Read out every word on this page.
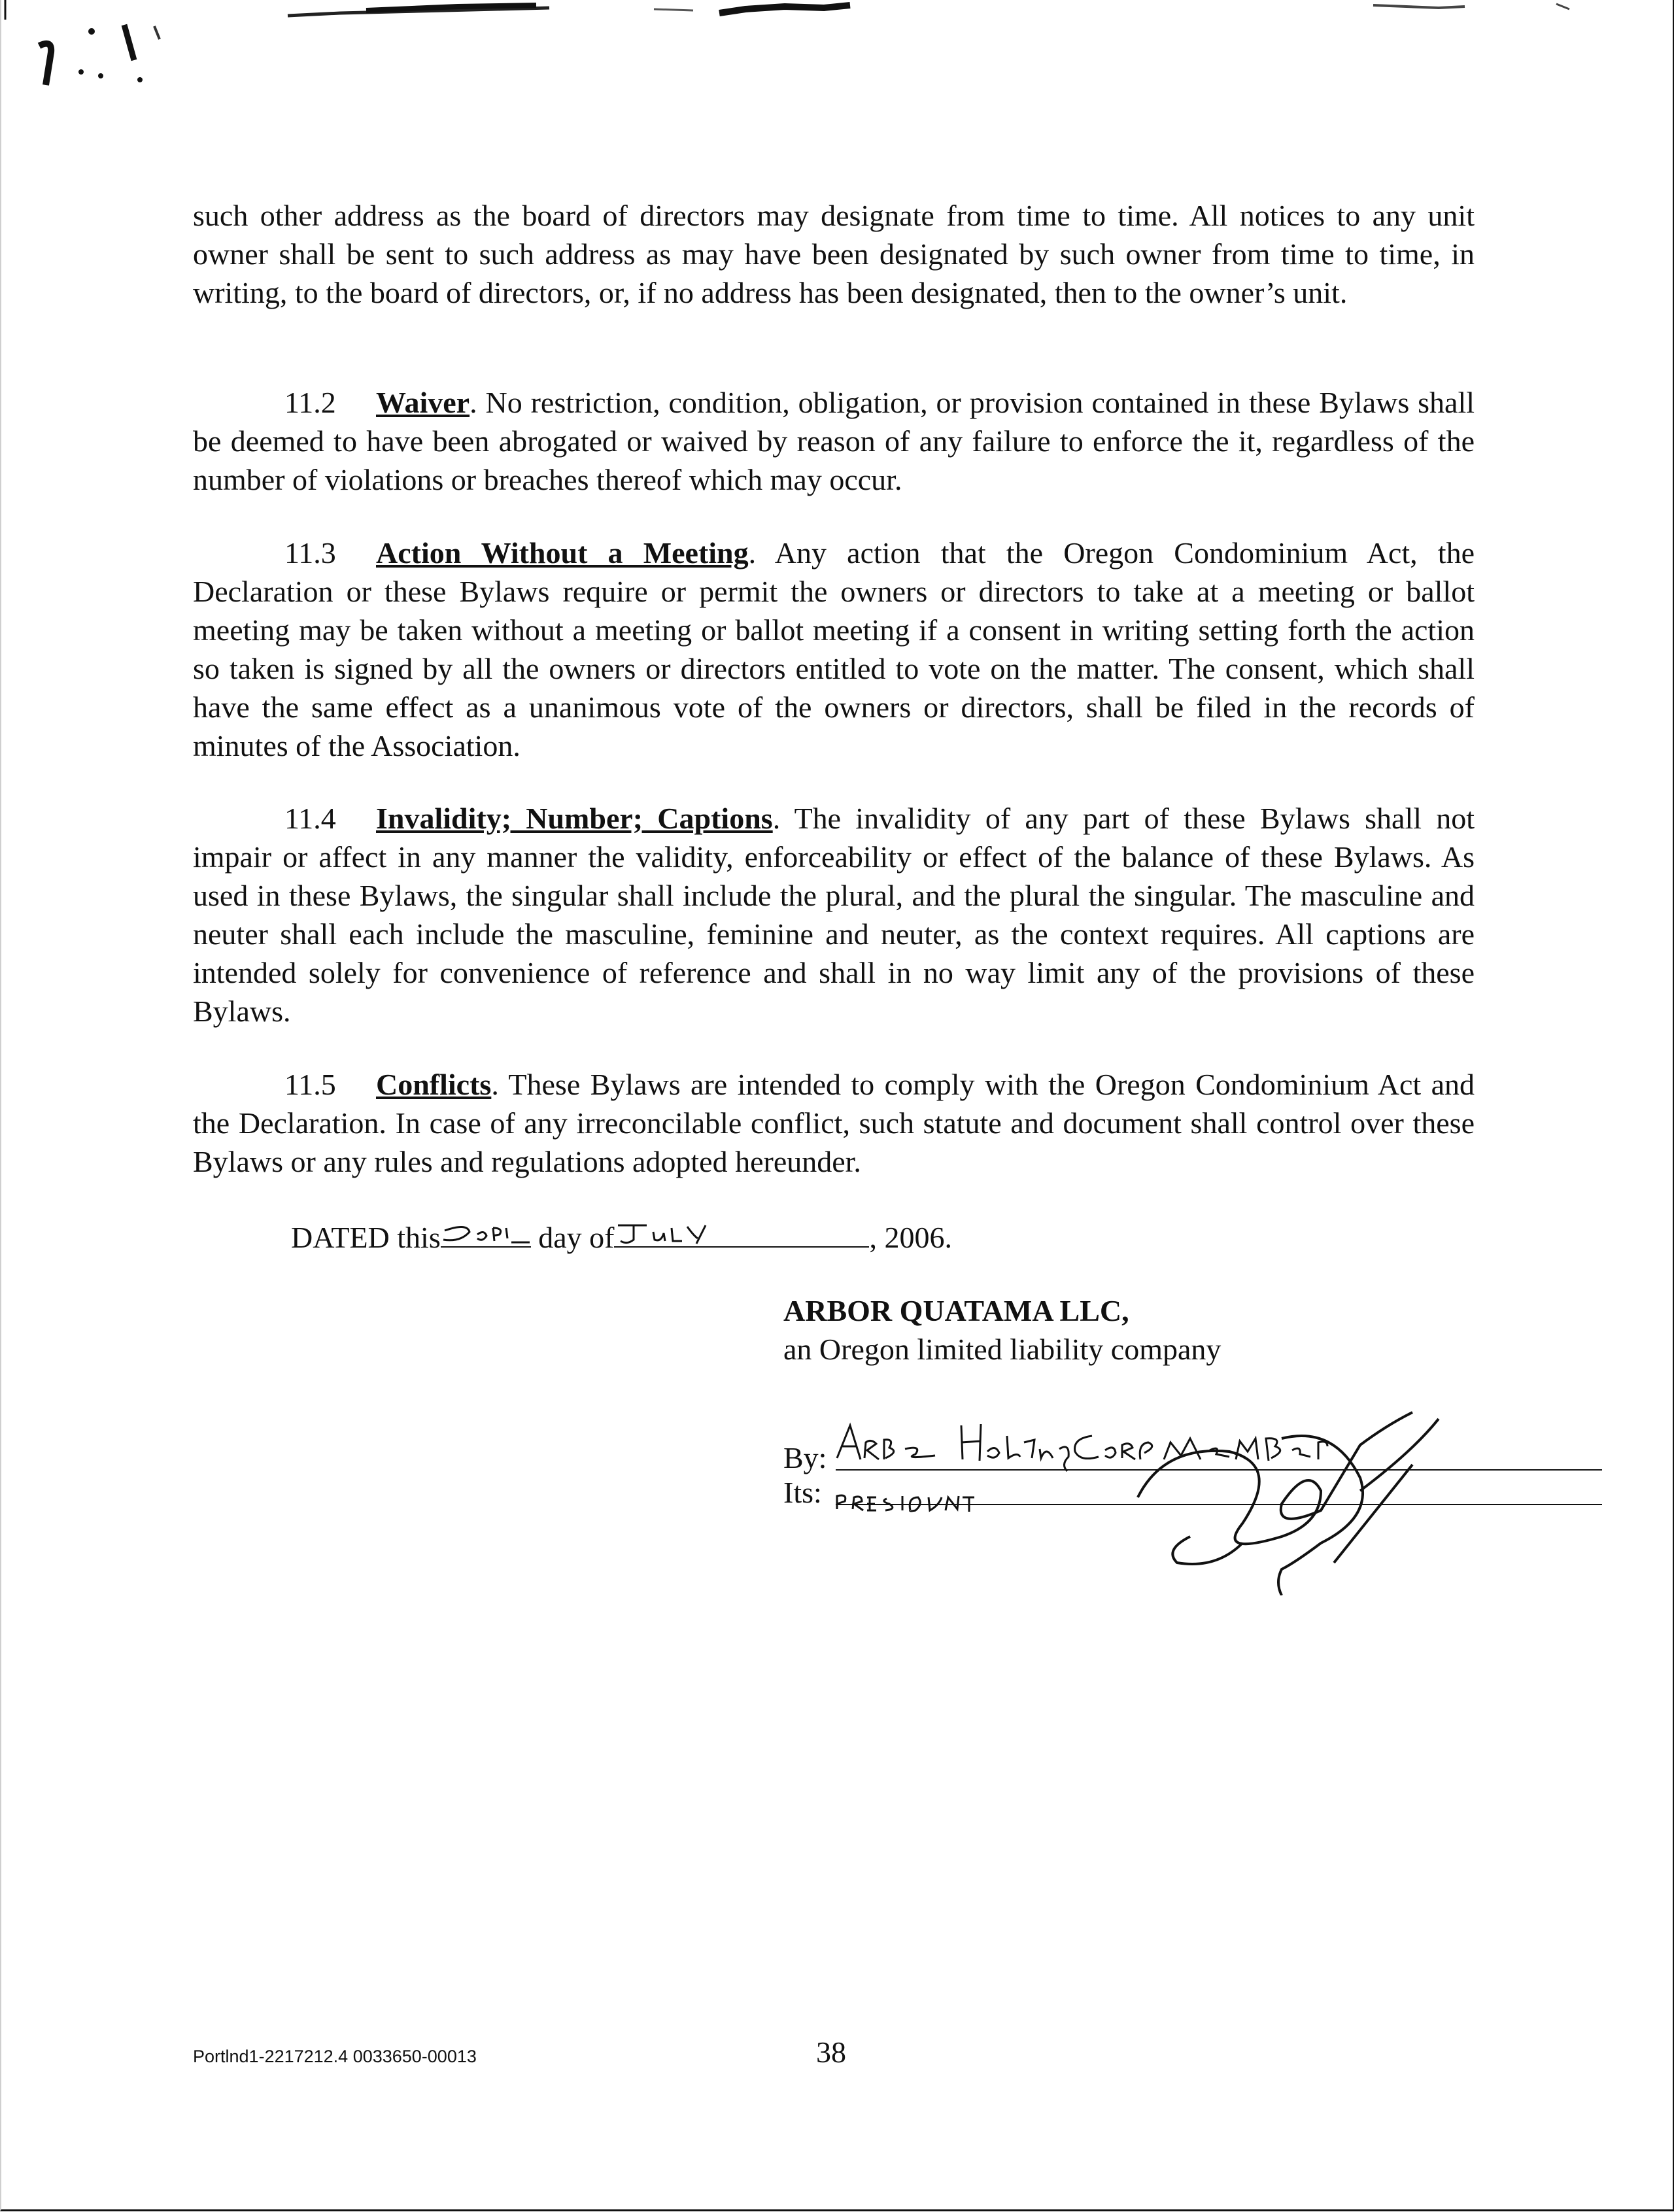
such other address as the board of directors may designate from time to time. All notices to any unit owner shall be sent to such address as may have been designated by such owner from time to time, in writing, to the board of directors, or, if no address has been designated, then to the owner’s unit.

11.2 Waiver. No restriction, condition, obligation, or provision contained in these Bylaws shall be deemed to have been abrogated or waived by reason of any failure to enforce the it, regardless of the number of violations or breaches thereof which may occur.

11.3 Action Without a Meeting. Any action that the Oregon Condominium Act, the Declaration or these Bylaws require or permit the owners or directors to take at a meeting or ballot meeting may be taken without a meeting or ballot meeting if a consent in writing setting forth the action so taken is signed by all the owners or directors entitled to vote on the matter. The consent, which shall have the same effect as a unanimous vote of the owners or directors, shall be filed in the records of minutes of the Association.

11.4 Invalidity; Number; Captions. The invalidity of any part of these Bylaws shall not impair or affect in any manner the validity, enforceability or effect of the balance of these Bylaws. As used in these Bylaws, the singular shall include the plural, and the plural the singular. The masculine and neuter shall each include the masculine, feminine and neuter, as the context requires. All captions are intended solely for convenience of reference and shall in no way limit any of the provisions of these Bylaws.

11.5 Conflicts. These Bylaws are intended to comply with the Oregon Condominium Act and the Declaration. In case of any irreconcilable conflict, such statute and document shall control over these Bylaws or any rules and regulations adopted hereunder.

DATED this	day of	, 2006.
ARBOR QUATAMA LLC,
an Oregon limited liability company
By:
Its:
Portlnd1-2217212.4 0033650-00013	38
